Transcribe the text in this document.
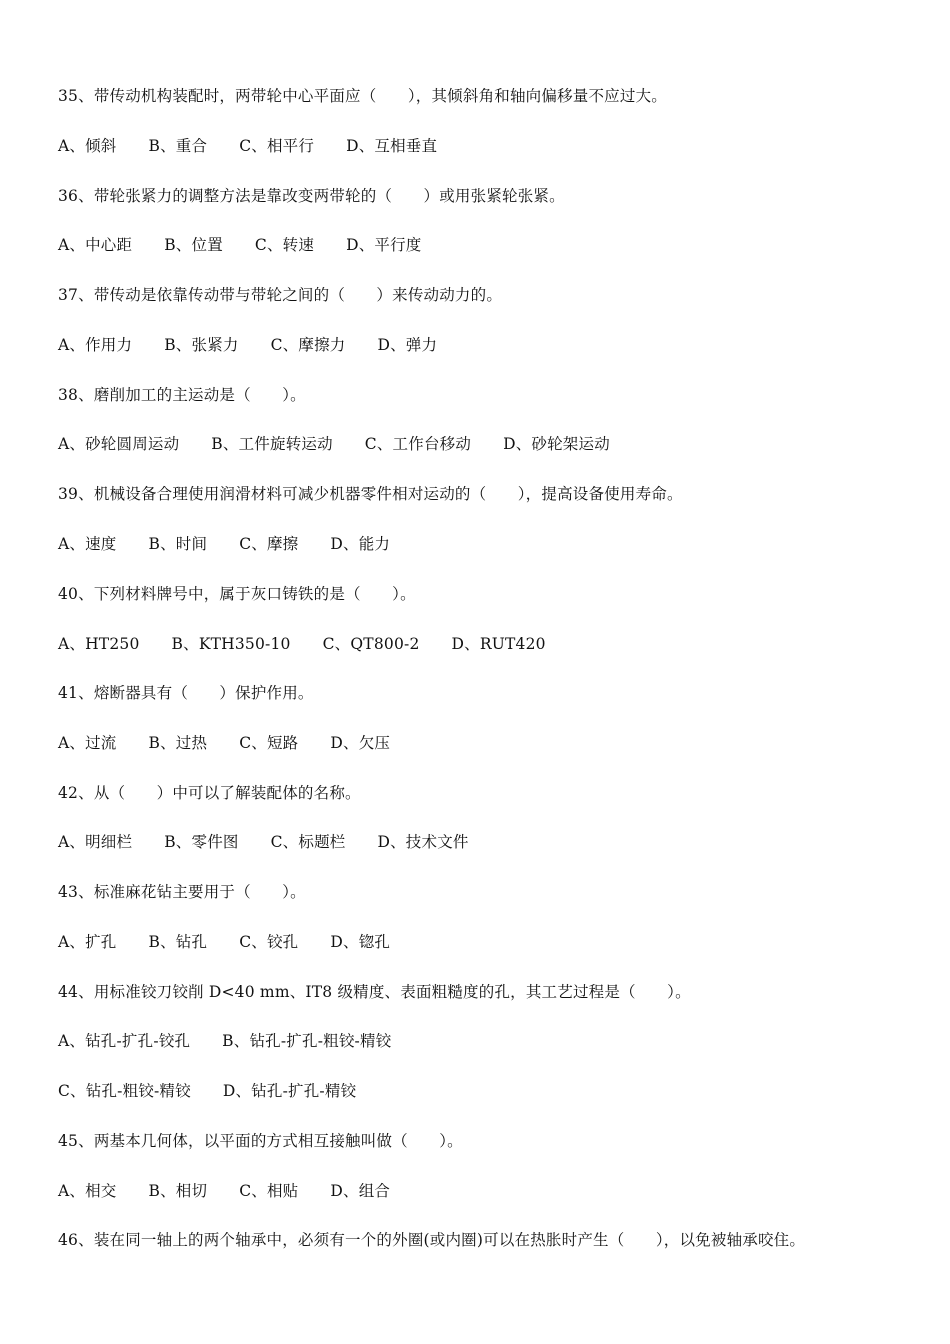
35、带传动机构装配时，两带轮中心平面应（　　），其倾斜角和轴向偏移量不应过大。
A、倾斜 B、重合 C、相平行 D、互相垂直
36、带轮张紧力的调整方法是靠改变两带轮的（　　）或用张紧轮张紧。
A、中心距 B、位置 C、转速 D、平行度
37、带传动是依靠传动带与带轮之间的（　　）来传动动力的。
A、作用力 B、张紧力 C、摩擦力 D、弹力
38、磨削加工的主运动是（　　）。
A、砂轮圆周运动 B、工件旋转运动 C、工作台移动 D、砂轮架运动
39、机械设备合理使用润滑材料可减少机器零件相对运动的（　　），提高设备使用寿命。
A、速度 B、时间 C、摩擦 D、能力
40、下列材料牌号中，属于灰口铸铁的是（　　）。
A、HT250 B、KTH350-10 C、QT800-2 D、RUT420
41、熔断器具有（　　）保护作用。
A、过流 B、过热 C、短路 D、欠压
42、从（　　）中可以了解装配体的名称。
A、明细栏 B、零件图 C、标题栏 D、技术文件
43、标准麻花钻主要用于（　　）。
A、扩孔 B、钻孔 C、铰孔 D、锪孔
44、用标准铰刀铰削 D<40 mm、IT8 级精度、表面粗糙度的孔，其工艺过程是（　　）。
A、钻孔-扩孔-铰孔 B、钻孔-扩孔-粗铰-精铰
C、钻孔-粗铰-精铰 D、钻孔-扩孔-精铰
45、两基本几何体，以平面的方式相互接触叫做（　　）。
A、相交 B、相切 C、相贴 D、组合
46、装在同一轴上的两个轴承中，必须有一个的外圈(或内圈)可以在热胀时产生（　　），以免被轴承咬住。
